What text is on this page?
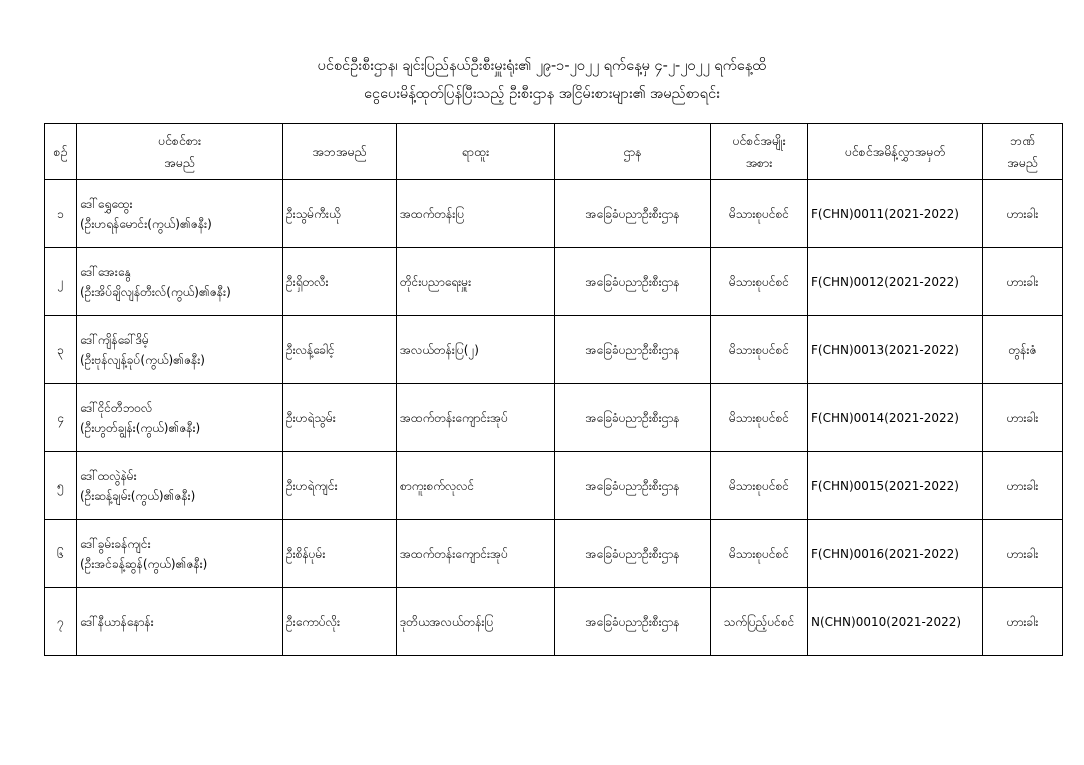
ပင်စင်ဦးစီးဌာန၊ ချင်းပြည်နယ်ဦးစီးမှူးရုံး၏ ၂၉-၁-၂၀၂၂ ရက်နေ့မှ ၄-၂-၂၀၂၂ ရက်နေ့ထိ
ငွေပေးမိန့်ထုတ်ပြန်ပြီးသည့် ဦးစီးဌာန အငြိမ်းစားများ၏ အမည်စာရင်း
စဉ်	ပင်စင်စား
အမည်	အဘအမည်	ရာထူး	ဌာန	ပင်စင်အမျိုး
အစား	ပင်စင်အမိန့်လွှာအမှတ်	ဘဏ်
အမည်

၁	ဒေါ်ရွှေထွေး
(ဦးဟရန်မောင်း(ကွယ်)၏ဇနီး)	ဦးသွမ်ကီးယို	အထက်တန်းပြ	အခြေခံပညာဦးစီးဌာန	မိသားစုပင်စင်	F(CHN)0011(2021-2022)	ဟားခါး
၂	ဒေါ်အေးနွေ
(ဦးအိပ်ချိလျန်တီးလ်(ကွယ်)၏ဇနီး)	ဦးရှိတလီး	တိုင်းပညာရေးမှူး	အခြေခံပညာဦးစီးဌာန	မိသားစုပင်စင်	F(CHN)0012(2021-2022)	ဟားခါး
၃	ဒေါ်ကျိန်ခေါ်ဒိမ့်
(ဦးဗုန်လျန့်ခုပ်(ကွယ်)၏ဇနီး)	ဦးလန့်ခေါင့်	အလယ်တန်းပြ(၂)	အခြေခံပညာဦးစီးဌာန	မိသားစုပင်စင်	F(CHN)0013(2021-2022)	တွန်းဇံ
၄	ဒေါ်ငိုင်တီဘ၀လ်
(ဦးဟွတ်ချွန်း(ကွယ်)၏ဇနီး)	ဦးဟရဲသွမ်း	အထက်တန်းကျောင်းအုပ်	အခြေခံပညာဦးစီးဌာန	မိသားစုပင်စင်	F(CHN)0014(2021-2022)	ဟားခါး
၅	ဒေါ်ထလွဲနဲမ်း
(ဦးဆန့်ချမ်း(ကွယ်)၏ဇနီး)	ဦးဟရဲကျင်း	စာကူးစက်လုလင်	အခြေခံပညာဦးစီးဌာန	မိသားစုပင်စင်	F(CHN)0015(2021-2022)	ဟားခါး
၆	ဒေါ်ခွမ်းခန်ကျင်း
(ဦးအင်ခန့်ဆွန်(ကွယ်)၏ဇနီး)	ဦးစိန်ပုမ်း	အထက်တန်းကျောင်းအုပ်	အခြေခံပညာဦးစီးဌာန	မိသားစုပင်စင်	F(CHN)0016(2021-2022)	ဟားခါး
၇	ဒေါ်နီယာန်နောန်း	ဦးကောပ်လိုး	ဒုတိယအလယ်တန်းပြ	အခြေခံပညာဦးစီးဌာန	သက်ပြည့်ပင်စင်	N(CHN)0010(2021-2022)	ဟားခါး
